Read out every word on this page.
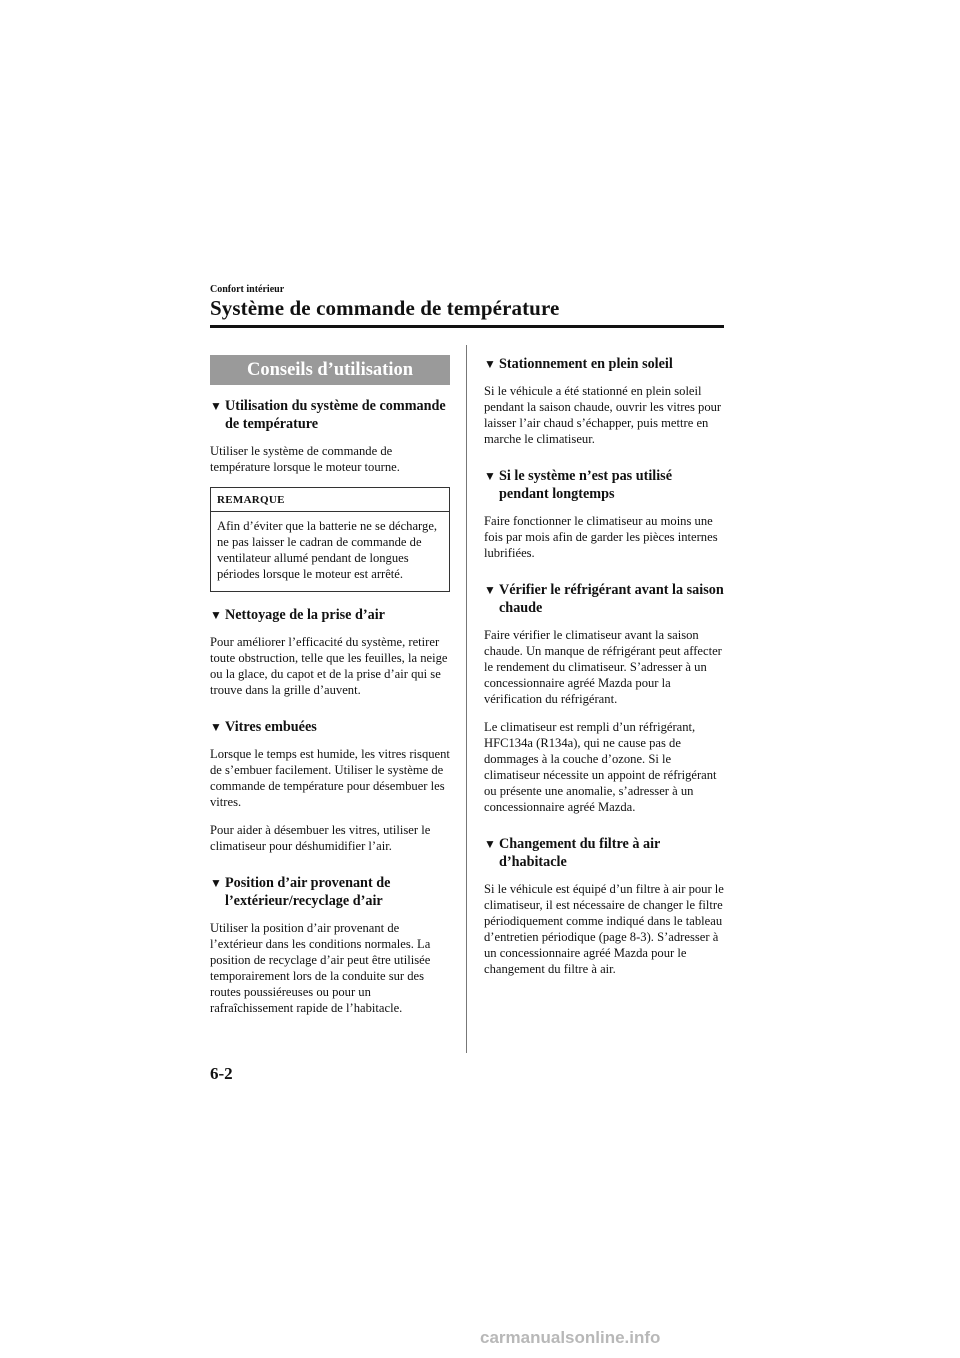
Confort intérieur
Système de commande de température
Conseils d’utilisation
▼ Utilisation du système de commande de température

Utiliser le système de commande de température lorsque le moteur tourne.

REMARQUE
Afin d’éviter que la batterie ne se décharge, ne pas laisser le cadran de commande de ventilateur allumé pendant de longues périodes lorsque le moteur est arrêté.
▼ Nettoyage de la prise d’air

Pour améliorer l’efficacité du système, retirer toute obstruction, telle que les feuilles, la neige ou la glace, du capot et de la prise d’air qui se trouve dans la grille d’auvent.

▼ Vitres embuées

Lorsque le temps est humide, les vitres risquent de s’embuer facilement. Utiliser le système de commande de température pour désembuer les vitres.

Pour aider à désembuer les vitres, utiliser le climatiseur pour déshumidifier l’air.

▼ Position d’air provenant de l’extérieur/recyclage d’air

Utiliser la position d’air provenant de l’extérieur dans les conditions normales. La position de recyclage d’air peut être utilisée temporairement lors de la conduite sur des routes poussiéreuses ou pour un rafraîchissement rapide de l’habitacle.

▼ Stationnement en plein soleil

Si le véhicule a été stationné en plein soleil pendant la saison chaude, ouvrir les vitres pour laisser l’air chaud s’échapper, puis mettre en marche le climatiseur.

▼ Si le système n’est pas utilisé pendant longtemps

Faire fonctionner le climatiseur au moins une fois par mois afin de garder les pièces internes lubrifiées.

▼ Vérifier le réfrigérant avant la saison chaude

Faire vérifier le climatiseur avant la saison chaude. Un manque de réfrigérant peut affecter le rendement du climatiseur. S’adresser à un concessionnaire agréé Mazda pour la vérification du réfrigérant.

Le climatiseur est rempli d’un réfrigérant, HFC134a (R134a), qui ne cause pas de dommages à la couche d’ozone. Si le climatiseur nécessite un appoint de réfrigérant ou présente une anomalie, s’adresser à un concessionnaire agréé Mazda.

▼ Changement du filtre à air d’habitacle

Si le véhicule est équipé d’un filtre à air pour le climatiseur, il est nécessaire de changer le filtre périodiquement comme indiqué dans le tableau d’entretien périodique (page 8-3). S’adresser à un concessionnaire agréé Mazda pour le changement du filtre à air.

6-2
carmanualsonline.info
